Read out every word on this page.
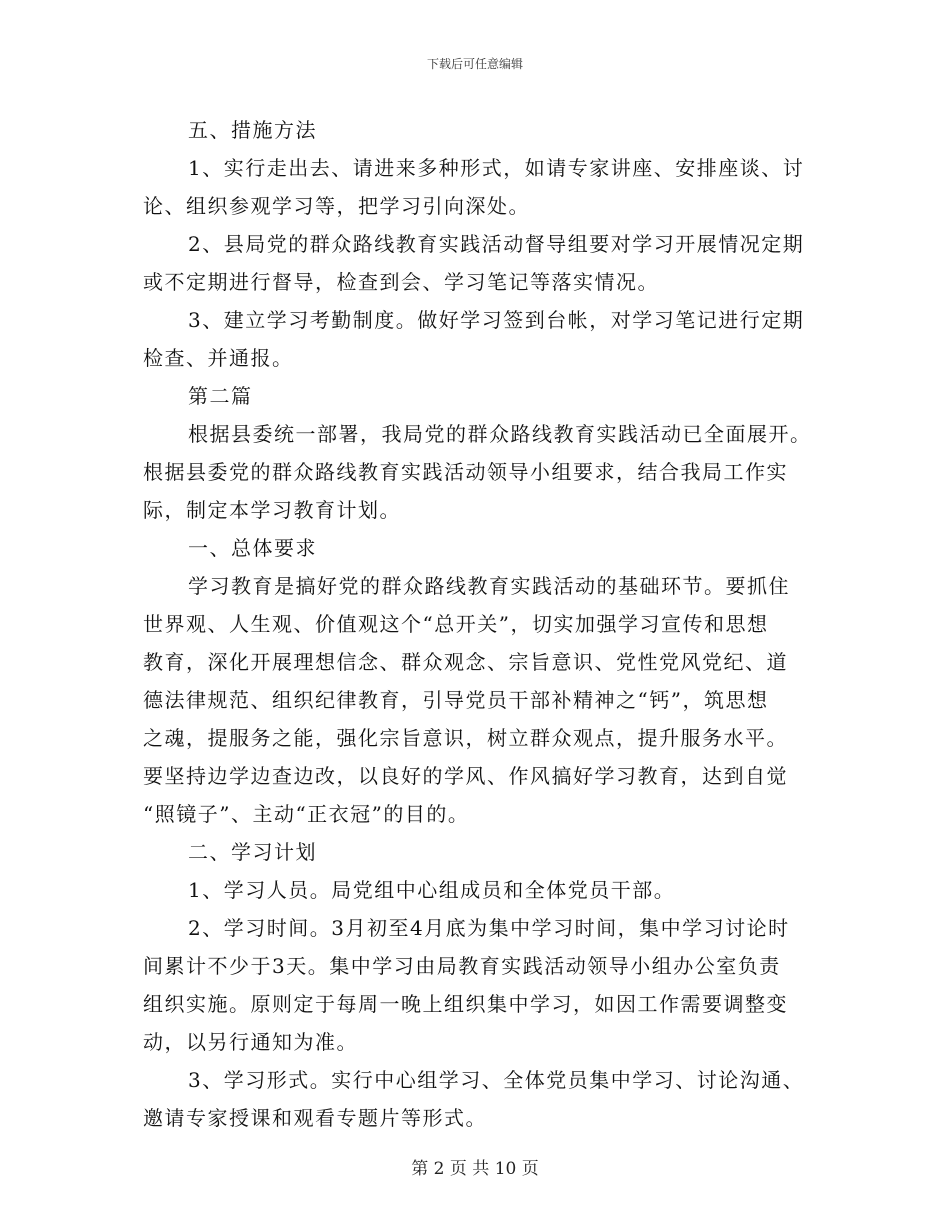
下载后可任意编辑
五、措施方法
1、实行走出去、请进来多种形式，如请专家讲座、安排座谈、讨
论、组织参观学习等，把学习引向深处。
2、县局党的群众路线教育实践活动督导组要对学习开展情况定期
或不定期进行督导，检查到会、学习笔记等落实情况。
3、建立学习考勤制度。做好学习签到台帐，对学习笔记进行定期
检查、并通报。
第二篇
根据县委统一部署，我局党的群众路线教育实践活动已全面展开。
根据县委党的群众路线教育实践活动领导小组要求，结合我局工作实
际，制定本学习教育计划。
一、总体要求
学习教育是搞好党的群众路线教育实践活动的基础环节。要抓住
世界观、人生观、价值观这个“总开关”，切实加强学习宣传和思想
教育，深化开展理想信念、群众观念、宗旨意识、党性党风党纪、道
德法律规范、组织纪律教育，引导党员干部补精神之“钙”，筑思想
之魂，提服务之能，强化宗旨意识，树立群众观点，提升服务水平。
要坚持边学边查边改，以良好的学风、作风搞好学习教育，达到自觉
“照镜子”、主动“正衣冠”的目的。
二、学习计划
1、学习人员。局党组中心组成员和全体党员干部。
2、学习时间。3月初至4月底为集中学习时间，集中学习讨论时
间累计不少于3天。集中学习由局教育实践活动领导小组办公室负责
组织实施。原则定于每周一晚上组织集中学习，如因工作需要调整变
动，以另行通知为准。
3、学习形式。实行中心组学习、全体党员集中学习、讨论沟通、
邀请专家授课和观看专题片等形式。
第 2 页 共 10 页
